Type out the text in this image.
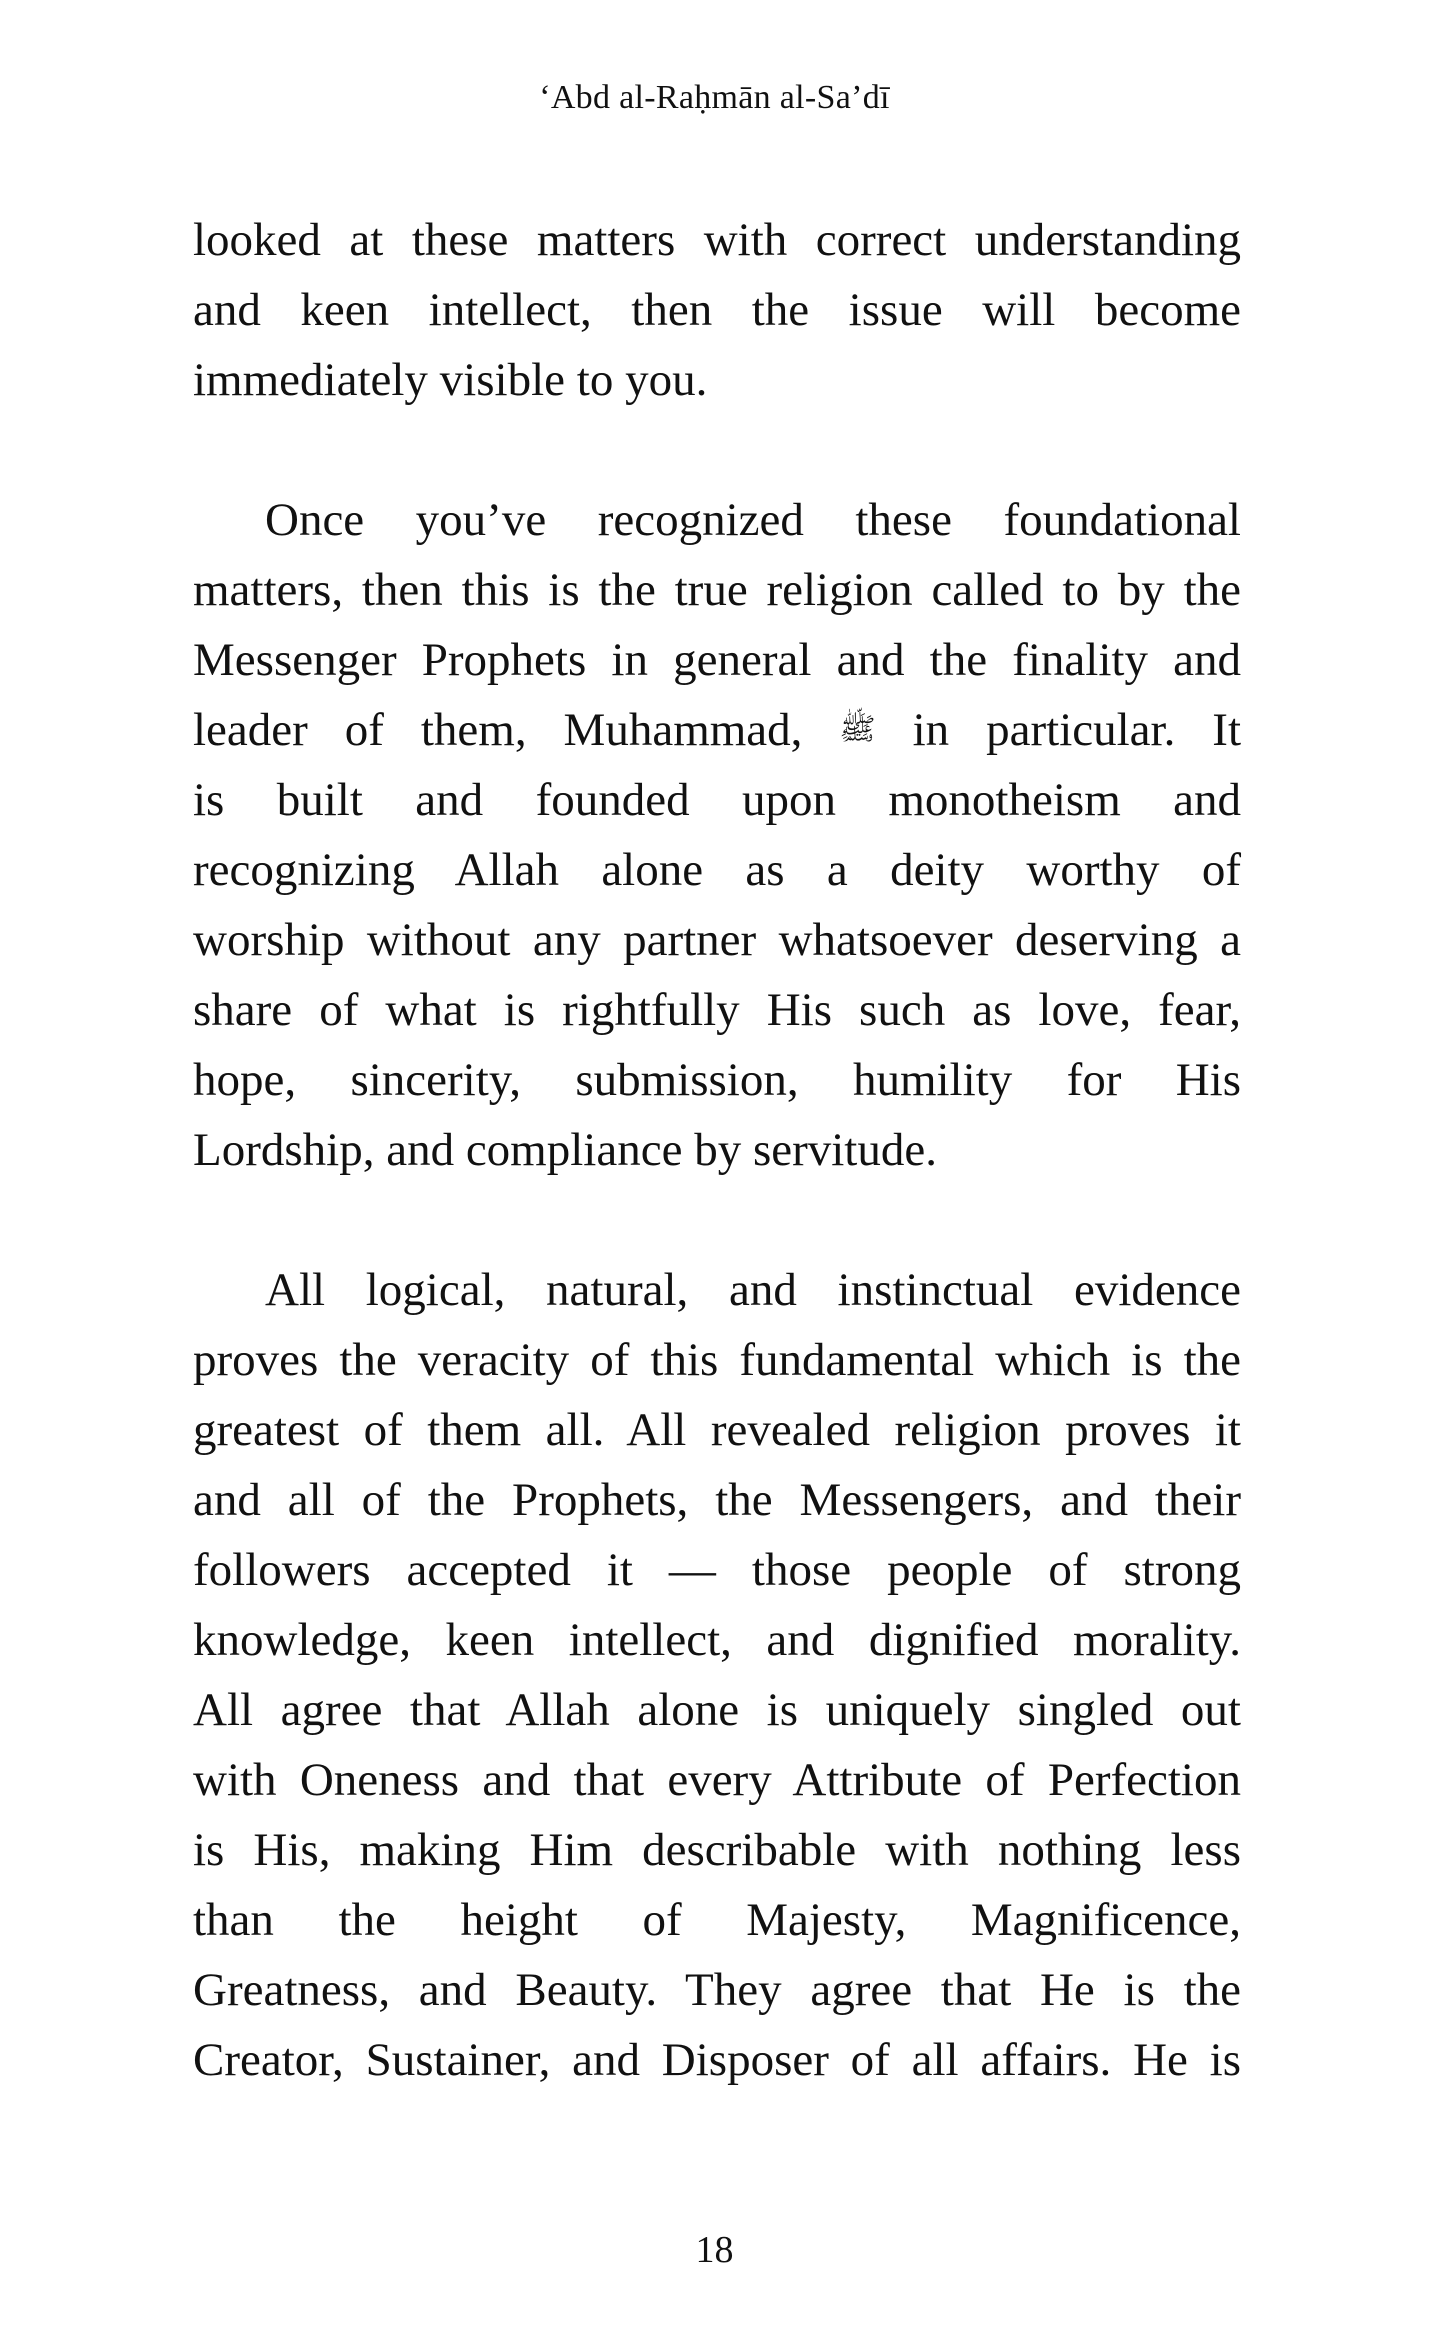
‘Abd al-Raḥmān al-Sa’dī

looked at these matters with correct understanding
and keen intellect, then the issue will become
immediately visible to you.

Once you’ve recognized these foundational
matters, then this is the true religion called to by the
Messenger Prophets in general and the finality and
leader of them, Muhammad, ﷺ in particular. It
is built and founded upon monotheism and
recognizing Allah alone as a deity worthy of
worship without any partner whatsoever deserving a
share of what is rightfully His such as love, fear,
hope, sincerity, submission, humility for His
Lordship, and compliance by servitude.

All logical, natural, and instinctual evidence
proves the veracity of this fundamental which is the
greatest of them all. All revealed religion proves it
and all of the Prophets, the Messengers, and their
followers accepted it — those people of strong
knowledge, keen intellect, and dignified morality.
All agree that Allah alone is uniquely singled out
with Oneness and that every Attribute of Perfection
is His, making Him describable with nothing less
than the height of Majesty, Magnificence,
Greatness, and Beauty. They agree that He is the
Creator, Sustainer, and Disposer of all affairs. He is

18
